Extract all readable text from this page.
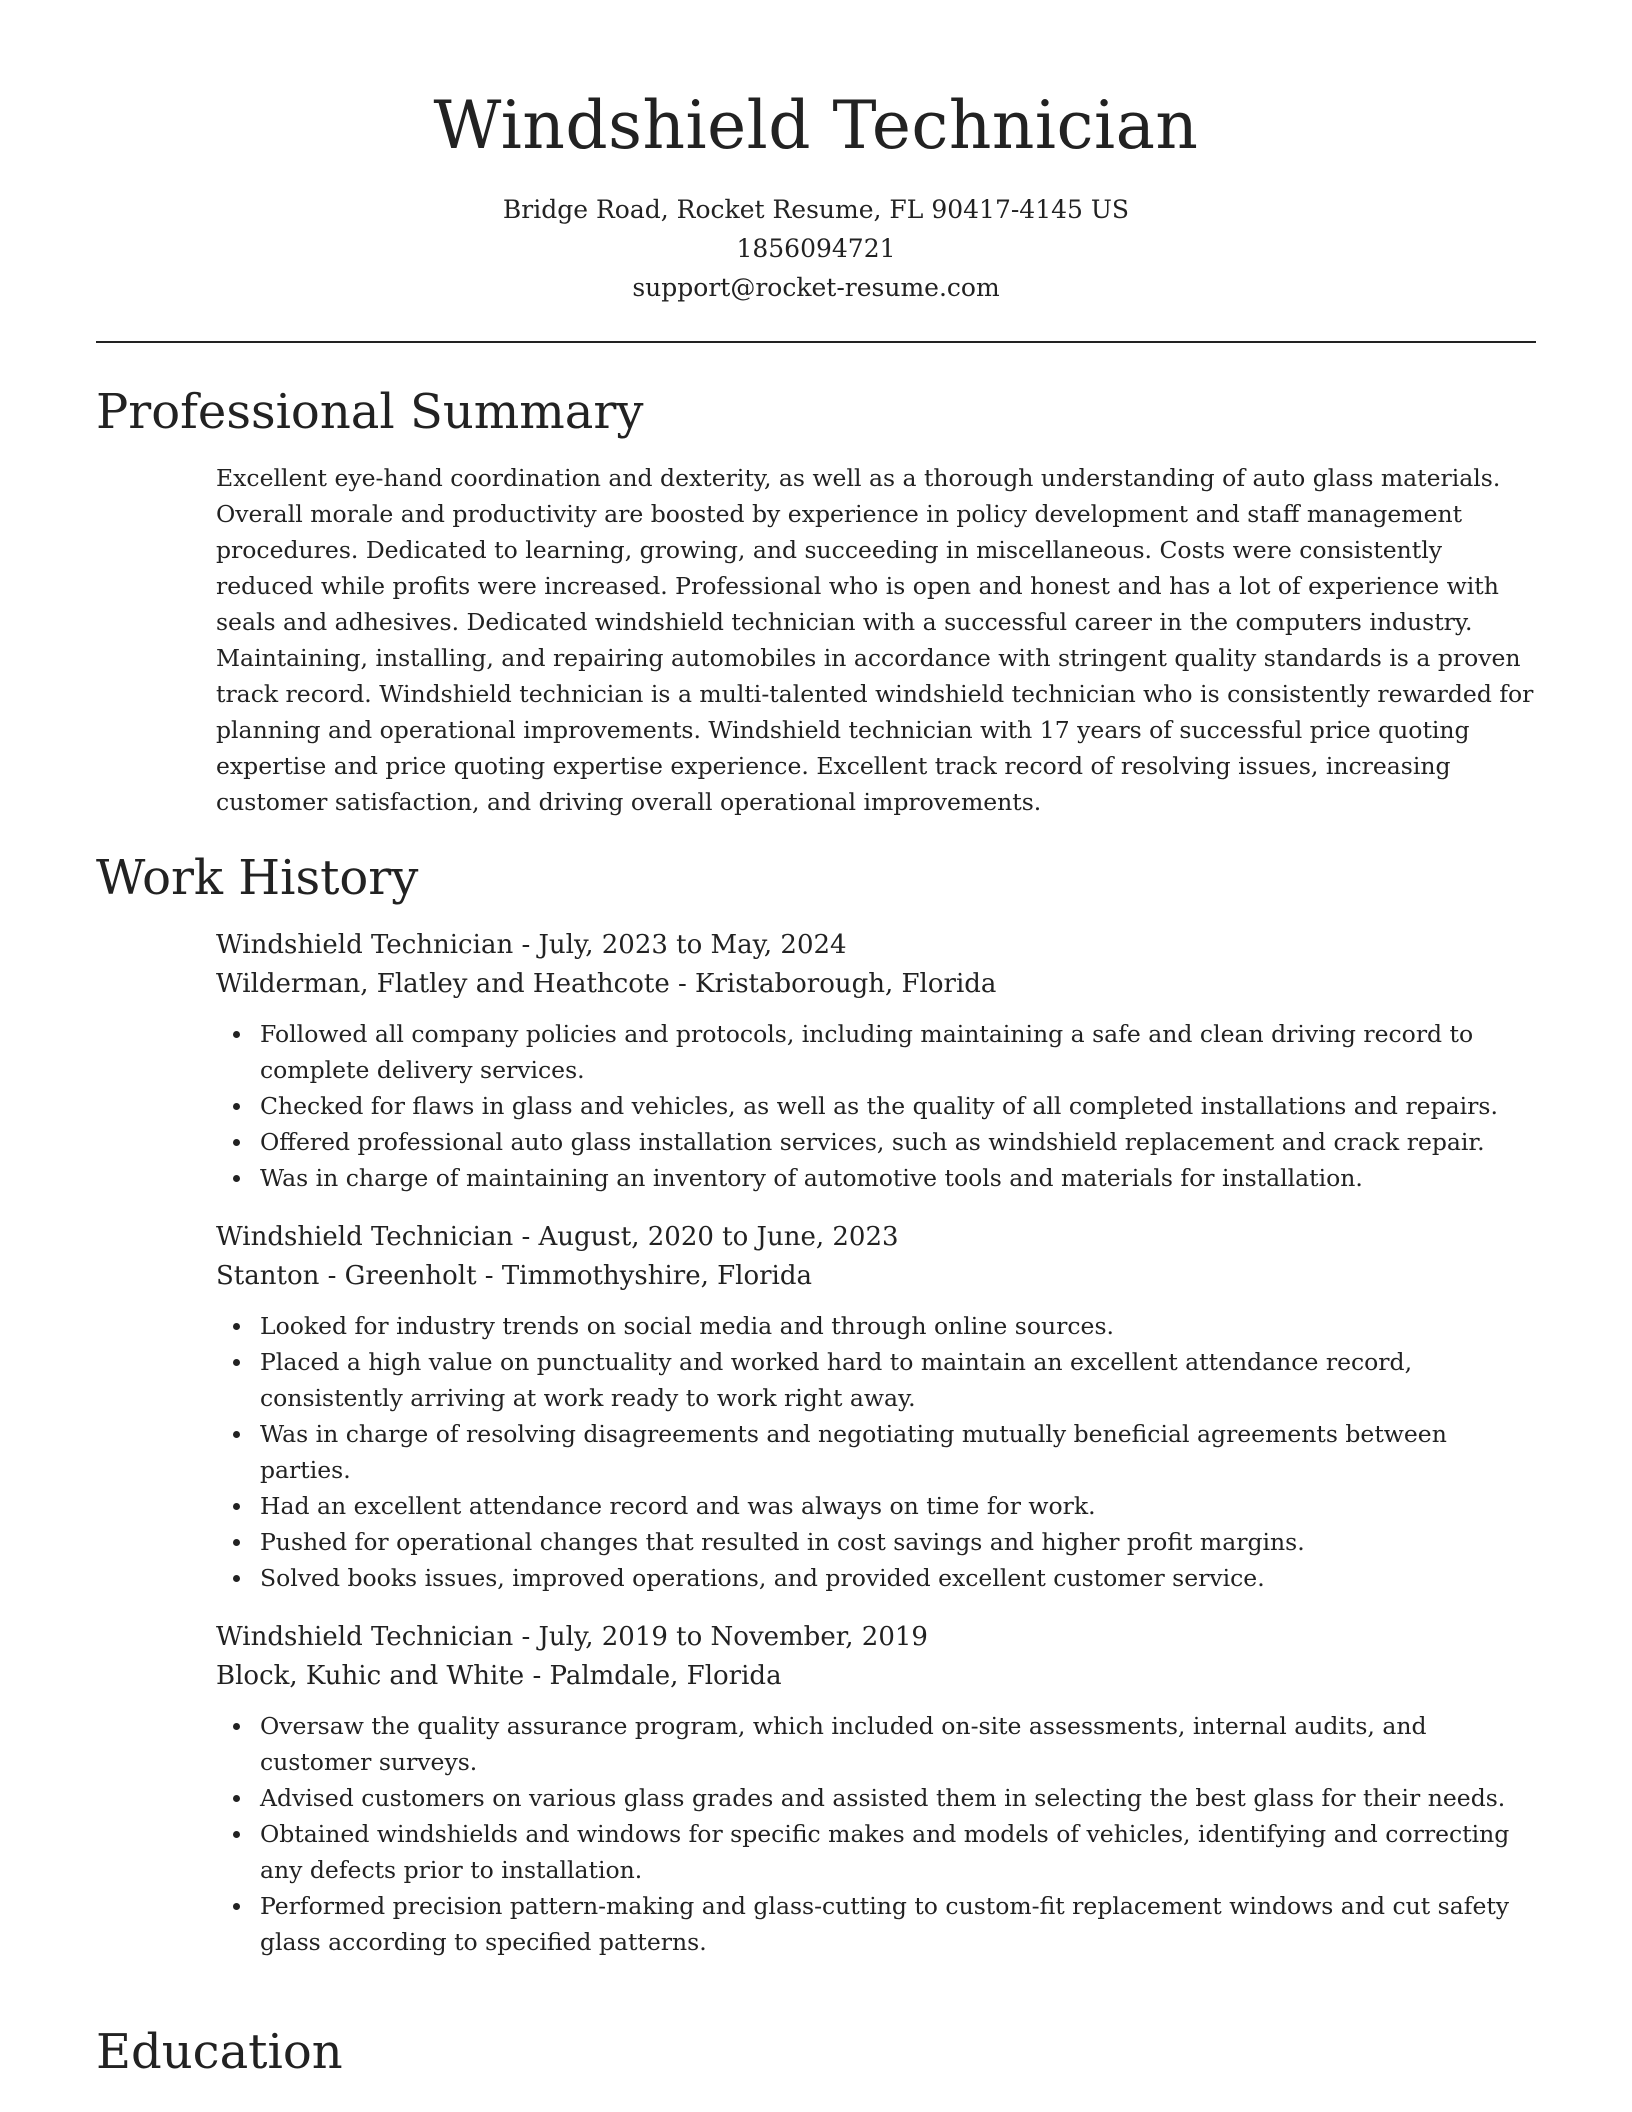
Windshield Technician
Bridge Road, Rocket Resume, FL 90417-4145 US
1856094721
support@rocket-resume.com
Professional Summary

Excellent eye-hand coordination and dexterity, as well as a thorough understanding of auto glass materials. Overall morale and productivity are boosted by experience in policy development and staff management procedures. Dedicated to learning, growing, and succeeding in miscellaneous. Costs were consistently reduced while profits were increased. Professional who is open and honest and has a lot of experience with seals and adhesives. Dedicated windshield technician with a successful career in the computers industry. Maintaining, installing, and repairing automobiles in accordance with stringent quality standards is a proven track record. Windshield technician is a multi-talented windshield technician who is consistently rewarded for planning and operational improvements. Windshield technician with 17 years of successful price quoting expertise and price quoting expertise experience. Excellent track record of resolving issues, increasing customer satisfaction, and driving overall operational improvements.

Work History
Windshield Technician - July, 2023 to May, 2024
Wilderman, Flatley and Heathcote - Kristaborough, Florida
Followed all company policies and protocols, including maintaining a safe and clean driving record to complete delivery services.
Checked for flaws in glass and vehicles, as well as the quality of all completed installations and repairs.
Offered professional auto glass installation services, such as windshield replacement and crack repair.
Was in charge of maintaining an inventory of automotive tools and materials for installation.
Windshield Technician - August, 2020 to June, 2023
Stanton - Greenholt - Timmothyshire, Florida
Looked for industry trends on social media and through online sources.
Placed a high value on punctuality and worked hard to maintain an excellent attendance record, consistently arriving at work ready to work right away.
Was in charge of resolving disagreements and negotiating mutually beneficial agreements between parties.
Had an excellent attendance record and was always on time for work.
Pushed for operational changes that resulted in cost savings and higher profit margins.
Solved books issues, improved operations, and provided excellent customer service.
Windshield Technician - July, 2019 to November, 2019
Block, Kuhic and White - Palmdale, Florida
Oversaw the quality assurance program, which included on-site assessments, internal audits, and customer surveys.
Advised customers on various glass grades and assisted them in selecting the best glass for their needs.
Obtained windshields and windows for specific makes and models of vehicles, identifying and correcting any defects prior to installation.
Performed precision pattern-making and glass-cutting to custom-fit replacement windows and cut safety glass according to specified patterns.
Education
